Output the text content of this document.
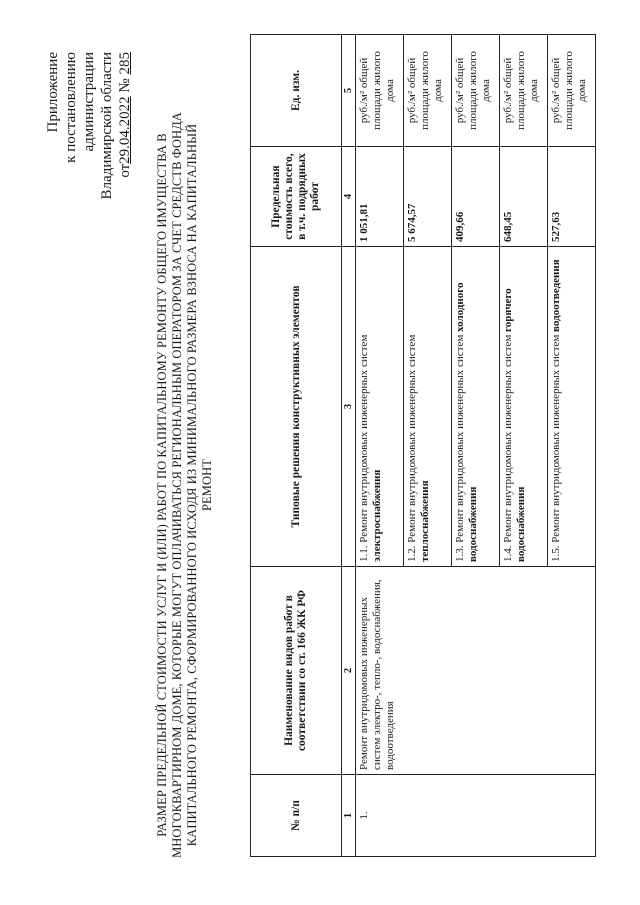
Приложение к постановлению администрации Владимирской области от29.04.2022 № 285
РАЗМЕР ПРЕДЕЛЬНОЙ СТОИМОСТИ УСЛУГ И (ИЛИ) РАБОТ ПО КАПИТАЛЬНОМУ РЕМОНТУ ОБЩЕГО ИМУЩЕСТВА В МНОГОКВАРТИРНОМ ДОМЕ, КОТОРЫЕ МОГУТ ОПЛАЧИВАТЬСЯ РЕГИОНАЛЬНЫМ ОПЕРАТОРОМ ЗА СЧЕТ СРЕДСТВ ФОНДА КАПИТАЛЬНОГО РЕМОНТА, СФОРМИРОВАННОГО ИСХОДЯ ИЗ МИНИМАЛЬНОГО РАЗМЕРА ВЗНОСА НА КАПИТАЛЬНЫЙ РЕМОНТ
№ п/п	Наименование видов работ в соответствии со ст. 166 ЖК РФ	Типовые решения конструктивных элементов	Предельная стоимость всего, в т.ч. подрядных работ	Ед. изм.
1	2	3	4	5
1.	Ремонт внутридомовых инженерных систем электро-, тепло-, водоснабжения, водоотведения	1.1. Ремонт внутридомовых инженерных систем электроснабжения	1 051,81	руб./м² общей площади жилого дома
		1.2. Ремонт внутридомовых инженерных систем теплоснабжения	5 674,57	руб./м² общей площади жилого дома
		1.3. Ремонт внутридомовых инженерных систем холодного водоснабжения	409,66	руб./м² общей площади жилого дома
		1.4. Ремонт внутридомовых инженерных систем горячего водоснабжения	648,45	руб./м² общей площади жилого дома
		1.5. Ремонт внутридомовых инженерных систем водоотведения	527,63	руб./м² общей площади жилого дома
